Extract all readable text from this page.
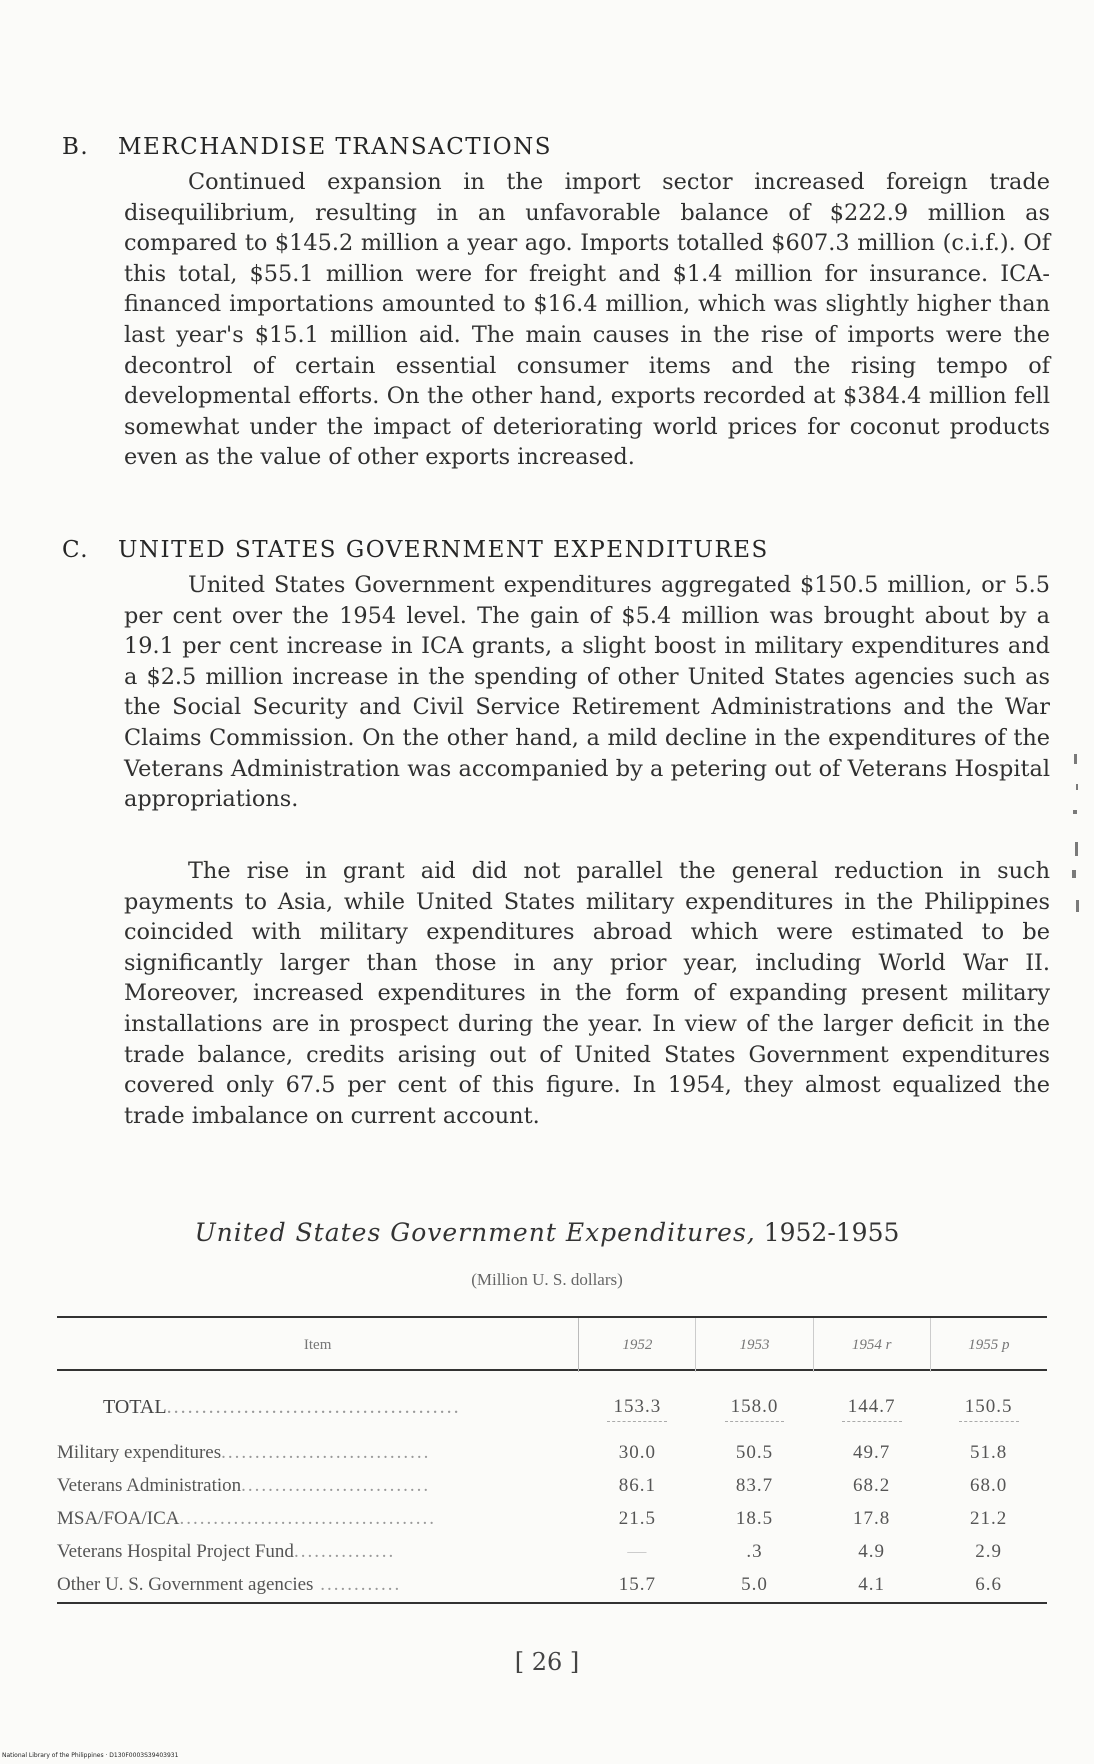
B. MERCHANDISE TRANSACTIONS

Continued expansion in the import sector increased foreign trade disequilibrium, resulting in an unfavorable balance of $222.9 million as compared to $145.2 million a year ago. Imports totalled $607.3 million (c.i.f.). Of this total, $55.1 million were for freight and $1.4 million for insurance. ICA-financed importations amounted to $16.4 million, which was slightly higher than last year's $15.1 million aid. The main causes in the rise of imports were the decontrol of certain essential consumer items and the rising tempo of developmental efforts. On the other hand, exports recorded at $384.4 million fell somewhat under the impact of deteriorating world prices for coconut products even as the value of other exports increased.

C. UNITED STATES GOVERNMENT EXPENDITURES

United States Government expenditures aggregated $150.5 million, or 5.5 per cent over the 1954 level. The gain of $5.4 million was brought about by a 19.1 per cent increase in ICA grants, a slight boost in military expenditures and a $2.5 million increase in the spending of other United States agencies such as the Social Security and Civil Service Retirement Administrations and the War Claims Commission. On the other hand, a mild decline in the expenditures of the Veterans Administration was accompanied by a petering out of Veterans Hospital appropriations.

The rise in grant aid did not parallel the general reduction in such payments to Asia, while United States military expenditures in the Philippines coincided with military expenditures abroad which were estimated to be significantly larger than those in any prior year, including World War II. Moreover, increased expenditures in the form of expanding present military installations are in prospect during the year. In view of the larger deficit in the trade balance, credits arising out of United States Government expenditures covered only 67.5 per cent of this figure. In 1954, they almost equalized the trade imbalance on current account.

United States Government Expenditures, 1952-1955
(Million U. S. dollars)
Item	1952	1953	1954 r	1955 p
TOTAL..........................................	153.3	158.0	144.7	150.5
Military expenditures...............................	30.0	50.5	49.7	51.8
Veterans Administration............................	86.1	83.7	68.2	68.0
MSA/FOA/ICA......................................	21.5	18.5	17.8	21.2
Veterans Hospital Project Fund...............	—	.3	4.9	2.9
Other U. S. Government agencies ............	15.7	5.0	4.1	6.6
[ 26 ]
National Library of the Philippines · D130F0003S39403931
